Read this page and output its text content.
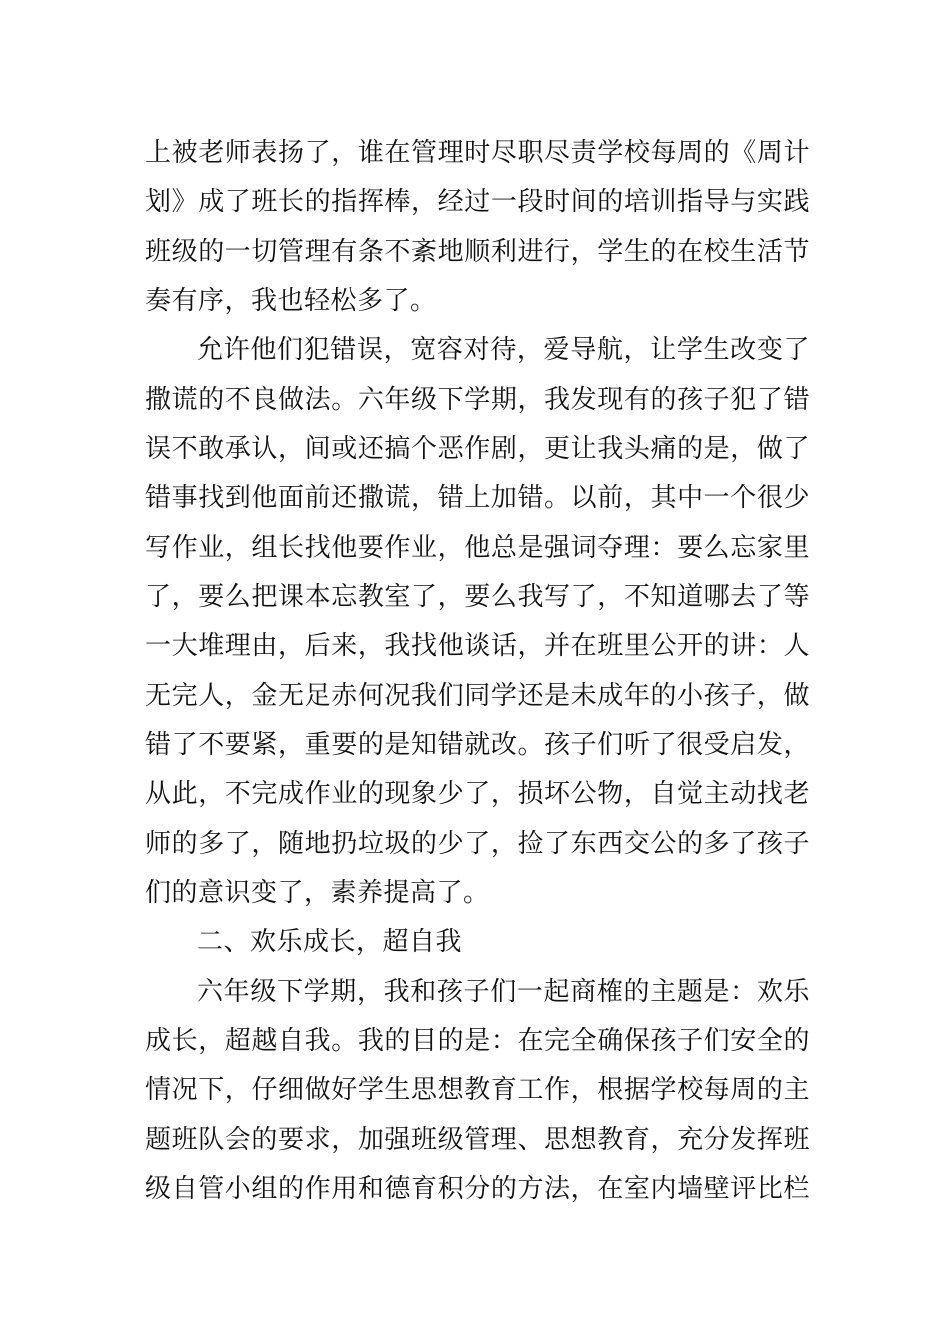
上被老师表扬了，谁在管理时尽职尽责学校每周的《周计
划》成了班长的指挥棒，经过一段时间的培训指导与实践
班级的一切管理有条不紊地顺利进行，学生的在校生活节
奏有序，我也轻松多了。
允许他们犯错误，宽容对待，爱导航，让学生改变了
撒谎的不良做法。六年级下学期，我发现有的孩子犯了错
误不敢承认，间或还搞个恶作剧，更让我头痛的是，做了
错事找到他面前还撒谎，错上加错。以前，其中一个很少
写作业，组长找他要作业，他总是强词夺理：要么忘家里
了，要么把课本忘教室了，要么我写了，不知道哪去了等
一大堆理由，后来，我找他谈话，并在班里公开的讲：人
无完人，金无足赤何况我们同学还是未成年的小孩子，做
错了不要紧，重要的是知错就改。孩子们听了很受启发，
从此，不完成作业的现象少了，损坏公物，自觉主动找老
师的多了，随地扔垃圾的少了，捡了东西交公的多了孩子
们的意识变了，素养提高了。
二、欢乐成长，超自我
六年级下学期，我和孩子们一起商榷的主题是：欢乐
成长，超越自我。我的目的是：在完全确保孩子们安全的
情况下，仔细做好学生思想教育工作，根据学校每周的主
题班队会的要求，加强班级管理、思想教育，充分发挥班
级自管小组的作用和德育积分的方法，在室内墙壁评比栏
